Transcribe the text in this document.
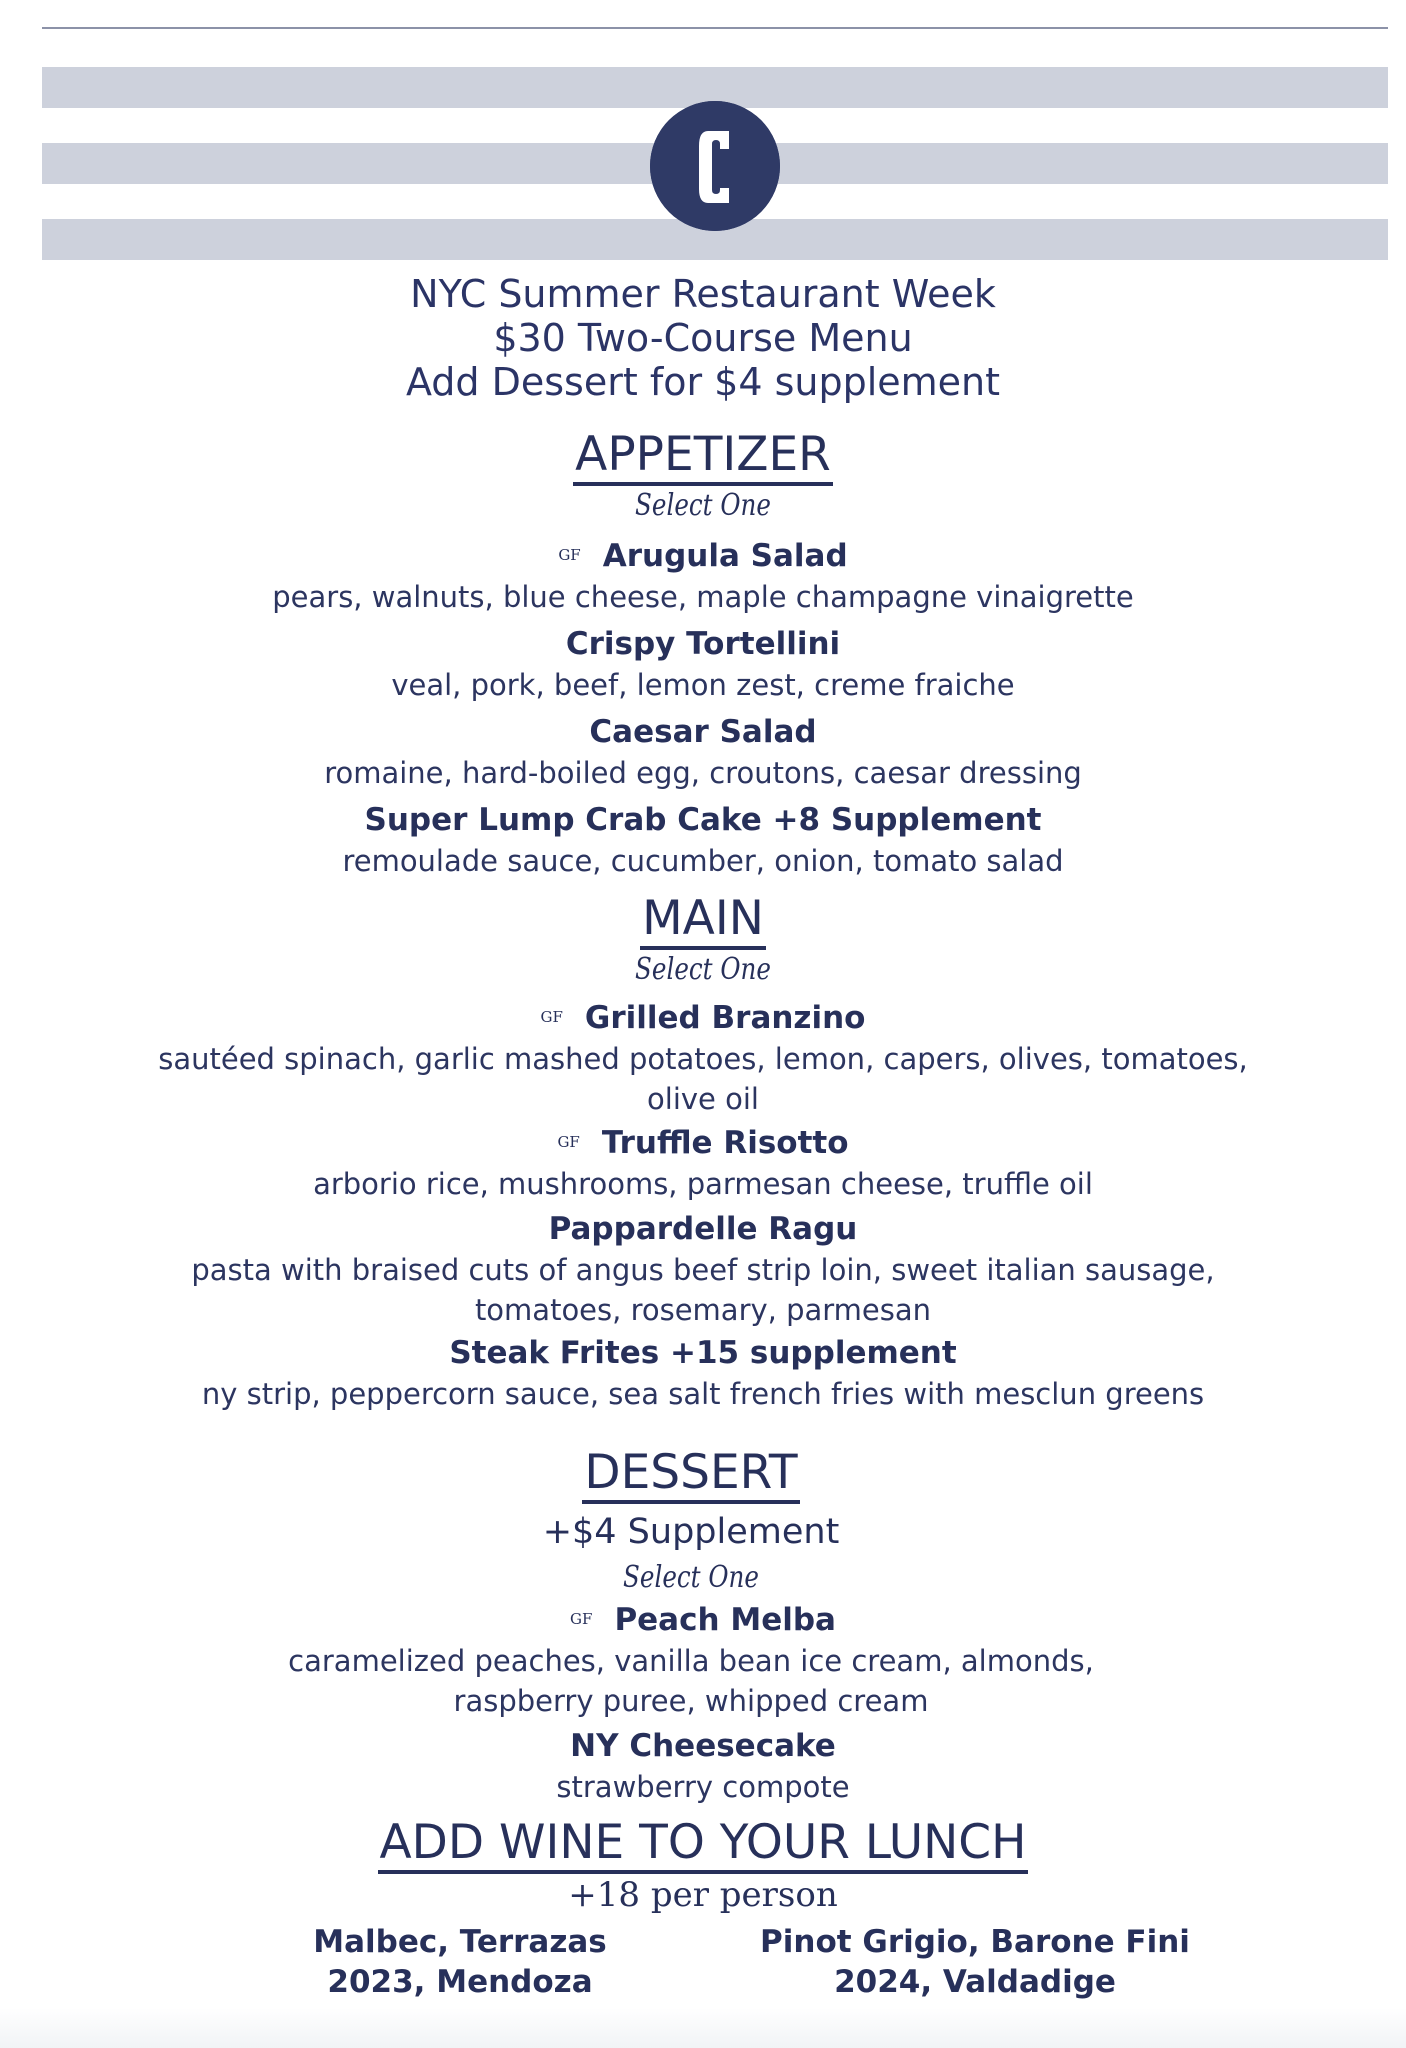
NYC Summer Restaurant Week
$30 Two-Course Menu
Add Dessert for $4 supplement
APPETIZER
Select One
GF Arugula Salad
pears, walnuts, blue cheese, maple champagne vinaigrette
Crispy Tortellini
veal, pork, beef, lemon zest, creme fraiche
Caesar Salad
romaine, hard-boiled egg, croutons, caesar dressing
Super Lump Crab Cake +8 Supplement
remoulade sauce, cucumber, onion, tomato salad
MAIN
Select One
GF Grilled Branzino
sautéed spinach, garlic mashed potatoes, lemon, capers, olives, tomatoes,
olive oil
GF Truffle Risotto
arborio rice, mushrooms, parmesan cheese, truffle oil
Pappardelle Ragu
pasta with braised cuts of angus beef strip loin, sweet italian sausage,
tomatoes, rosemary, parmesan
Steak Frites +15 supplement
ny strip, peppercorn sauce, sea salt french fries with mesclun greens
DESSERT
+$4 Supplement
Select One
GF Peach Melba
caramelized peaches, vanilla bean ice cream, almonds,
raspberry puree, whipped cream
NY Cheesecake
strawberry compote
ADD WINE TO YOUR LUNCH
+18 per person
Malbec, Terrazas
2023, Mendoza
Pinot Grigio, Barone Fini
2024, Valdadige
